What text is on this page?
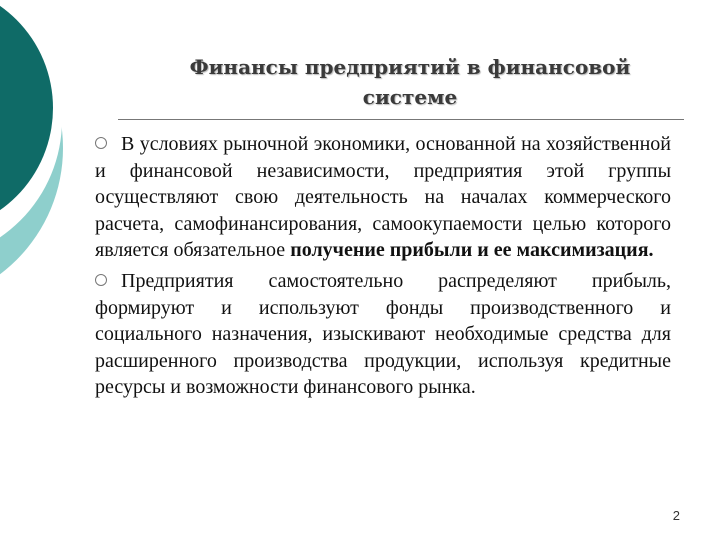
Финансы предприятий в финансовой
системе

В условиях рыночной экономики, основанной на хозяйственной и финансовой независимости, предприятия этой группы осуществляют свою деятельность на началах коммерческого расчета, самофинансирования, самоокупаемости целью которого является обязательное получение прибыли и ее максимизация.

Предприятия самостоятельно распределяют прибыль, формируют и используют фонды производственного и социального назначения, изыскивают необходимые средства для расширенного производства продукции, используя кредитные ресурсы и возможности финансового рынка.

2
